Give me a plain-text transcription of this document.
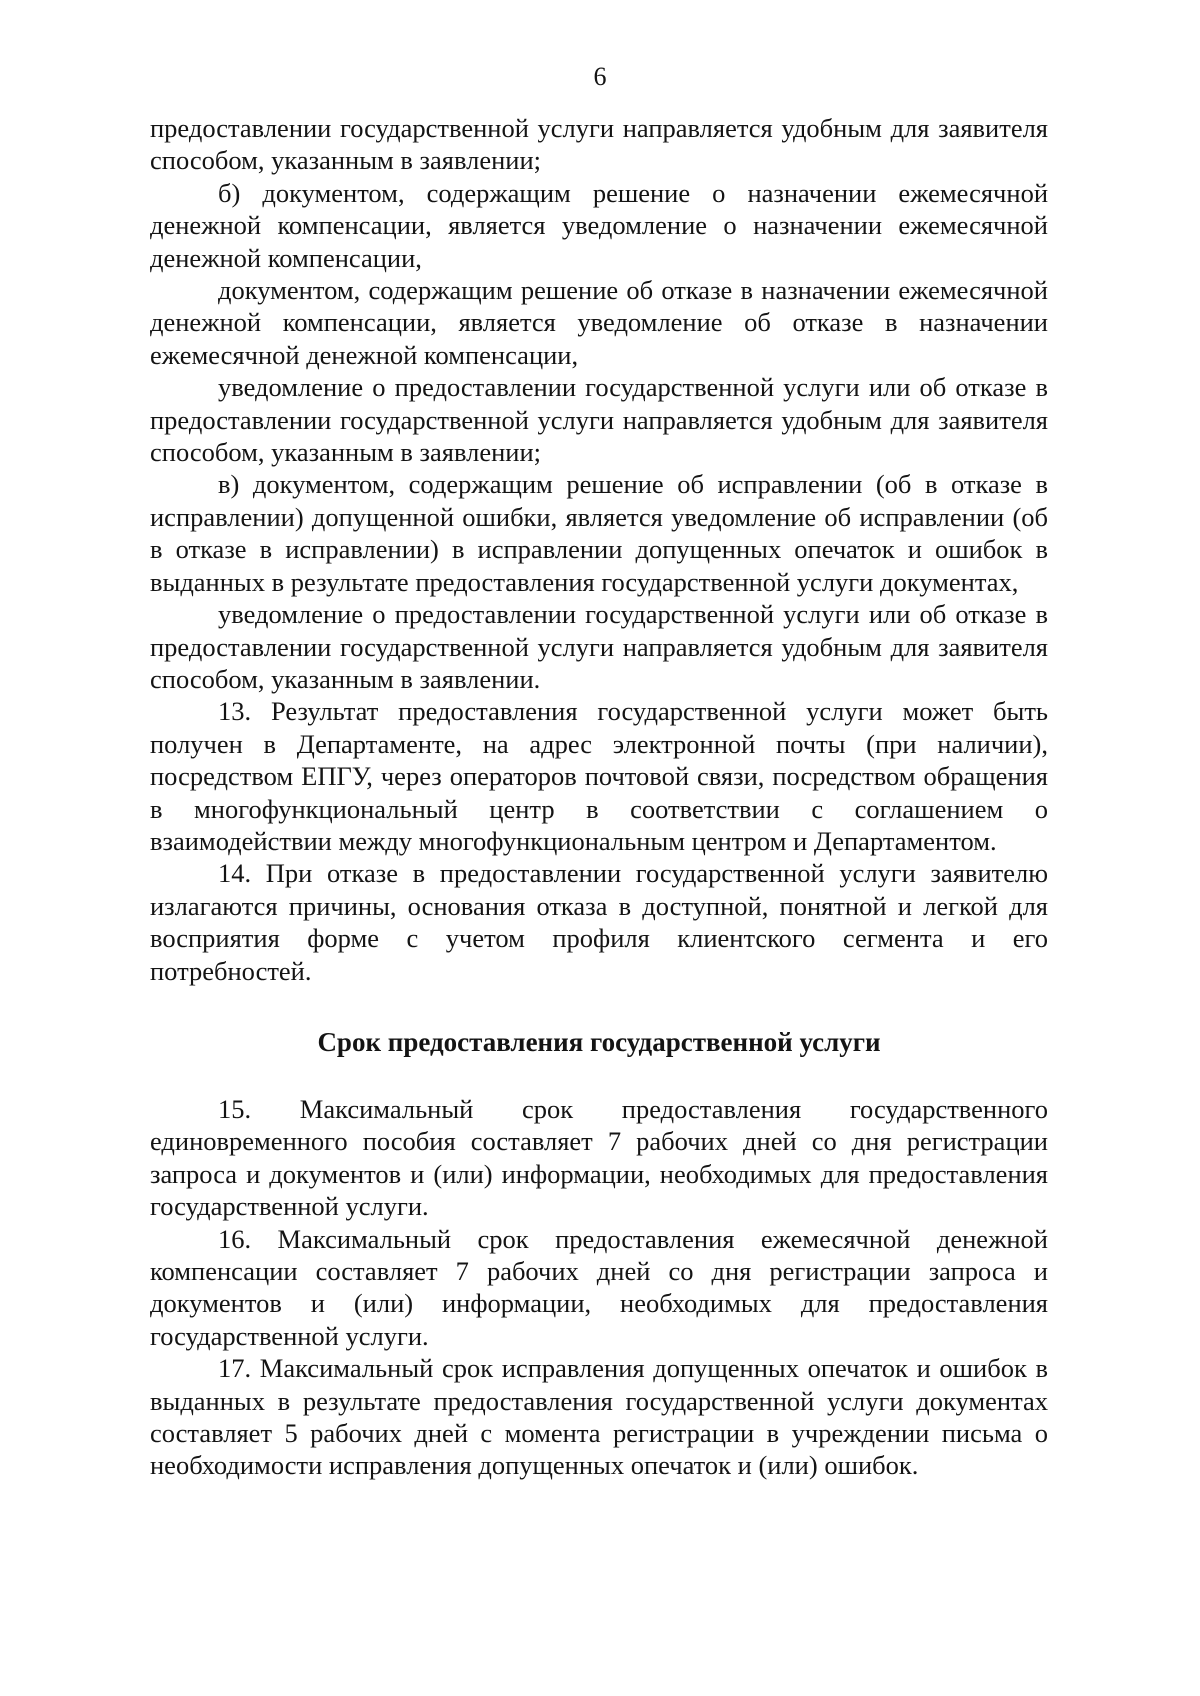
6

предоставлении государственной услуги направляется удобным для заявителя способом, указанным в заявлении;

б) документом, содержащим решение о назначении ежемесячной денежной компенсации, является уведомление о назначении ежемесячной денежной компенсации,

документом, содержащим решение об отказе в назначении ежемесячной денежной компенсации, является уведомление об отказе в назначении ежемесячной денежной компенсации,

уведомление о предоставлении государственной услуги или об отказе в предоставлении государственной услуги направляется удобным для заявителя способом, указанным в заявлении;

в) документом, содержащим решение об исправлении (об в отказе в исправлении) допущенной ошибки, является уведомление об исправлении (об в отказе в исправлении) в исправлении допущенных опечаток и ошибок в выданных в результате предоставления государственной услуги документах,

уведомление о предоставлении государственной услуги или об отказе в предоставлении государственной услуги направляется удобным для заявителя способом, указанным в заявлении.

13. Результат предоставления государственной услуги может быть получен в Департаменте, на адрес электронной почты (при наличии), посредством ЕПГУ, через операторов почтовой связи, посредством обращения в многофункциональный центр в соответствии с соглашением о взаимодействии между многофункциональным центром и Департаментом.

14. При отказе в предоставлении государственной услуги заявителю излагаются причины, основания отказа в доступной, понятной и легкой для восприятия форме с учетом профиля клиентского сегмента и его потребностей.

Срок предоставления государственной услуги

15. Максимальный срок предоставления государственного единовременного пособия составляет 7 рабочих дней со дня регистрации запроса и документов и (или) информации, необходимых для предоставления государственной услуги.

16. Максимальный срок предоставления ежемесячной денежной компенсации составляет 7 рабочих дней со дня регистрации запроса и документов и (или) информации, необходимых для предоставления государственной услуги.

17. Максимальный срок исправления допущенных опечаток и ошибок в выданных в результате предоставления государственной услуги документах составляет 5 рабочих дней с момента регистрации в учреждении письма о необходимости исправления допущенных опечаток и (или) ошибок.
